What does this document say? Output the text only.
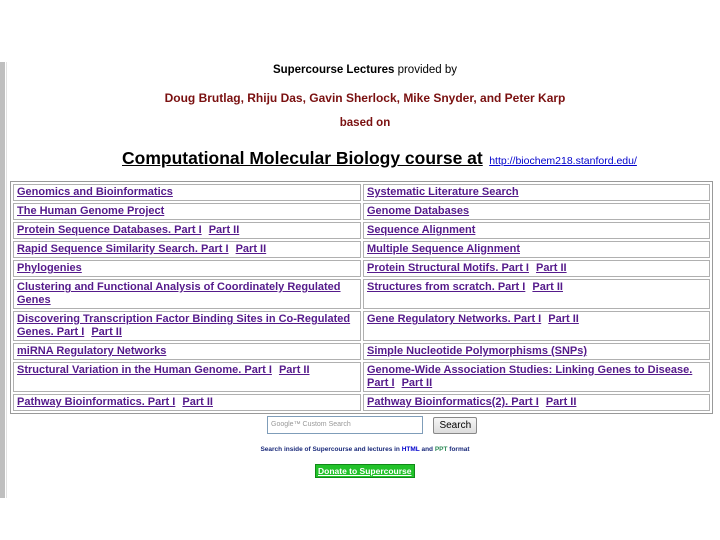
Supercourse Lectures provided by
Doug Brutlag, Rhiju Das, Gavin Sherlock, Mike Snyder, and Peter Karp
based on
Computational Molecular Biology course at http://biochem218.stanford.edu/
Genomics and Bioinformatics	Systematic Literature Search
The Human Genome Project	Genome Databases
Protein Sequence Databases. Part I Part II	Sequence Alignment
Rapid Sequence Similarity Search. Part I Part II	Multiple Sequence Alignment
Phylogenies	Protein Structural Motifs. Part I Part II
Clustering and Functional Analysis of Coordinately Regulated Genes	Structures from scratch. Part I Part II
Discovering Transcription Factor Binding Sites in Co-Regulated Genes. Part I Part II	Gene Regulatory Networks. Part I Part II
miRNA Regulatory Networks	Simple Nucleotide Polymorphisms (SNPs)
Structural Variation in the Human Genome. Part I Part II	Genome-Wide Association Studies: Linking Genes to Disease. Part I Part II
Pathway Bioinformatics. Part I Part II	Pathway Bioinformatics(2). Part I Part II
Google™ Custom Search	Search
Search inside of Supercourse and lectures in HTML and PPT format
Donate to Supercourse
